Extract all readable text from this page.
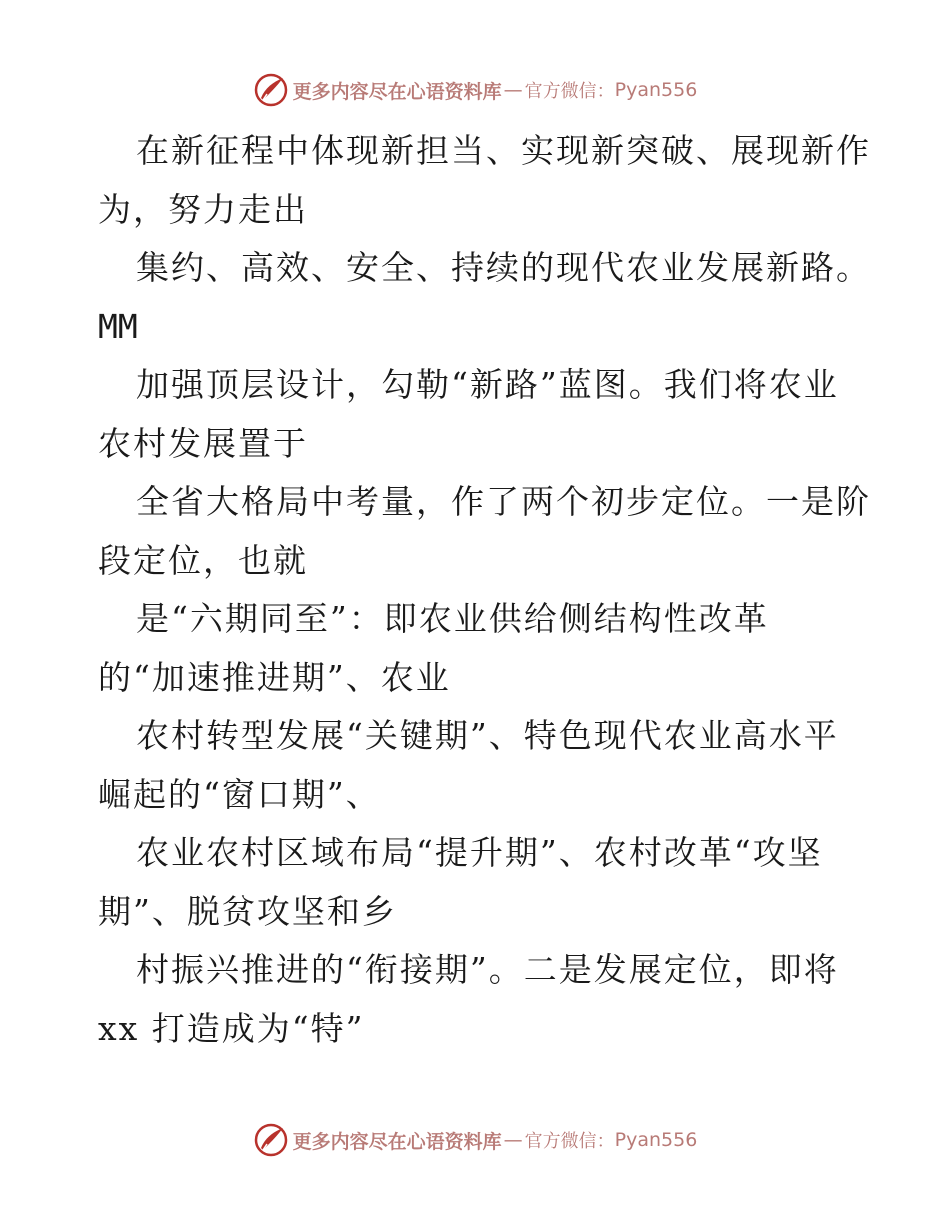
更多内容尽在心语资料库 — 官方微信： Pyan556
在新征程中体现新担当、实现新突破、展现新作
为，努力走出
集约、高效、安全、持续的现代农业发展新路。
MM
加强顶层设计，勾勒“新路”蓝图。我们将农业
农村发展置于
全省大格局中考量，作了两个初步定位。一是阶
段定位，也就
是“六期同至”：即农业供给侧结构性改革
的“加速推进期”、农业
农村转型发展“关键期”、特色现代农业高水平
崛起的“窗口期”、
农业农村区域布局“提升期”、农村改革“攻坚
期”、脱贫攻坚和乡
村振兴推进的“衔接期”。二是发展定位，即将
xx 打造成为“特”
更多内容尽在心语资料库 — 官方微信： Pyan556
